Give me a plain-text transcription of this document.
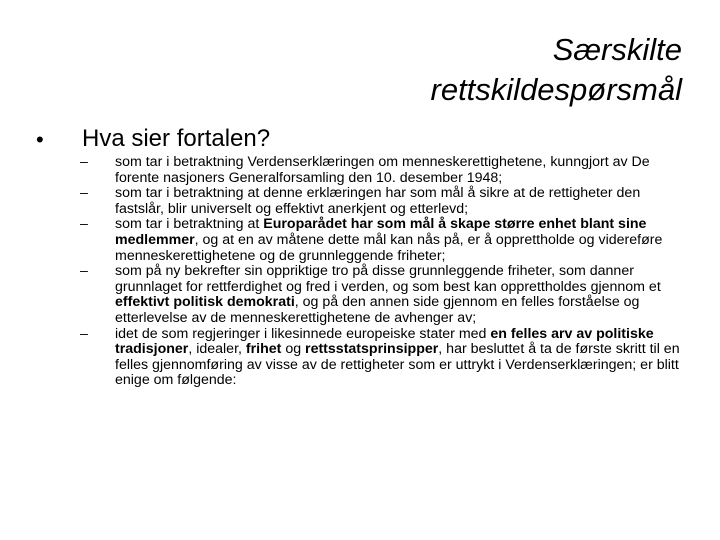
Særskilte
rettskildespørsmål
• Hva sier fortalen?
– som tar i betraktning Verdenserklæringen om menneskerettighetene, kunngjort av De forente nasjoners Generalforsamling den 10. desember 1948;
– som tar i betraktning at denne erklæringen har som mål å sikre at de rettigheter den fastslår, blir universelt og effektivt anerkjent og etterlevd;
– som tar i betraktning at Europarådet har som mål å skape større enhet blant sine medlemmer, og at en av måtene dette mål kan nås på, er å opprettholde og videreføre menneskerettighetene og de grunnleggende friheter;
– som på ny bekrefter sin oppriktige tro på disse grunnleggende friheter, som danner grunnlaget for rettferdighet og fred i verden, og som best kan opprettholdes gjennom et effektivt politisk demokrati, og på den annen side gjennom en felles forståelse og etterlevelse av de menneskerettighetene de avhenger av;
– idet de som regjeringer i likesinnede europeiske stater med en felles arv av politiske tradisjoner, idealer, frihet og rettsstatsprinsipper, har besluttet å ta de første skritt til en felles gjennomføring av visse av de rettigheter som er uttrykt i Verdenserklæringen; er blitt enige om følgende:
